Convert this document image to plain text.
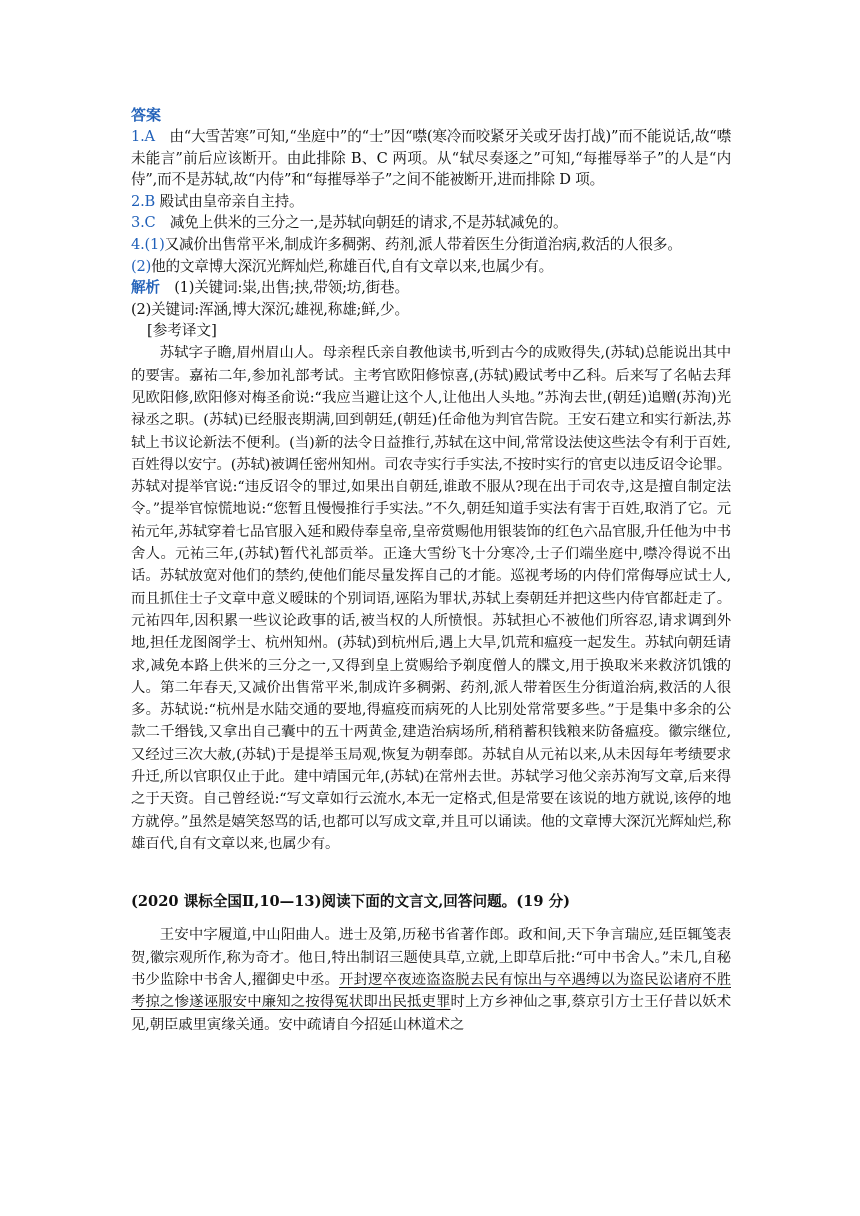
答案

1.A　由“大雪苦寒”可知,“坐庭中”的“士”因“噤(寒冷而咬紧牙关或牙齿打战)”而不能说话,故“噤未能言”前后应该断开。由此排除 B、C 两项。从“轼尽奏逐之”可知,“每摧辱举子”的人是“内侍”,而不是苏轼,故“内侍”和“每摧辱举子”之间不能被断开,进而排除 D 项。

2.B 殿试由皇帝亲自主持。

3.C　减免上供米的三分之一,是苏轼向朝廷的请求,不是苏轼减免的。

4.(1)又减价出售常平米,制成许多稠粥、药剂,派人带着医生分街道治病,救活的人很多。

(2)他的文章博大深沉光辉灿烂,称雄百代,自有文章以来,也属少有。

解析　(1)关键词:粜,出售;挟,带领;坊,街巷。

(2)关键词:浑涵,博大深沉;雄视,称雄;鲜,少。

[参考译文]

苏轼字子瞻,眉州眉山人。母亲程氏亲自教他读书,听到古今的成败得失,(苏轼)总能说出其中的要害。嘉祐二年,参加礼部考试。主考官欧阳修惊喜,(苏轼)殿试考中乙科。后来写了名帖去拜见欧阳修,欧阳修对梅圣俞说:“我应当避让这个人,让他出人头地。”苏洵去世,(朝廷)追赠(苏洵)光禄丞之职。(苏轼)已经服丧期满,回到朝廷,(朝廷)任命他为判官告院。王安石建立和实行新法,苏轼上书议论新法不便利。(当)新的法令日益推行,苏轼在这中间,常常设法使这些法令有利于百姓,百姓得以安宁。(苏轼)被调任密州知州。司农寺实行手实法,不按时实行的官吏以违反诏令论罪。苏轼对提举官说:“违反诏令的罪过,如果出自朝廷,谁敢不服从?现在出于司农寺,这是擅自制定法令。”提举官惊慌地说:“您暂且慢慢推行手实法。”不久,朝廷知道手实法有害于百姓,取消了它。元祐元年,苏轼穿着七品官服入延和殿侍奉皇帝,皇帝赏赐他用银装饰的红色六品官服,升任他为中书舍人。元祐三年,(苏轼)暂代礼部贡举。正逢大雪纷飞十分寒冷,士子们端坐庭中,噤冷得说不出话。苏轼放宽对他们的禁约,使他们能尽量发挥自己的才能。巡视考场的内侍们常侮辱应试士人,而且抓住士子文章中意义暧昧的个别词语,诬陷为罪状,苏轼上奏朝廷并把这些内侍官都赶走了。元祐四年,因积累一些议论政事的话,被当权的人所愤恨。苏轼担心不被他们所容忍,请求调到外地,担任龙图阁学士、杭州知州。(苏轼)到杭州后,遇上大旱,饥荒和瘟疫一起发生。苏轼向朝廷请求,减免本路上供米的三分之一,又得到皇上赏赐给予剃度僧人的牒文,用于换取米来救济饥饿的人。第二年春天,又减价出售常平米,制成许多稠粥、药剂,派人带着医生分街道治病,救活的人很多。苏轼说:“杭州是水陆交通的要地,得瘟疫而病死的人比别处常常要多些。”于是集中多余的公款二千缗钱,又拿出自己囊中的五十两黄金,建造治病场所,稍稍蓄积钱粮来防备瘟疫。徽宗继位,又经过三次大赦,(苏轼)于是提举玉局观,恢复为朝奉郎。苏轼自从元祐以来,从未因每年考绩要求升迁,所以官职仅止于此。建中靖国元年,(苏轼)在常州去世。苏轼学习他父亲苏洵写文章,后来得之于天资。自己曾经说:“写文章如行云流水,本无一定格式,但是常要在该说的地方就说,该停的地方就停。”虽然是嬉笑怒骂的话,也都可以写成文章,并且可以诵读。他的文章博大深沉光辉灿烂,称雄百代,自有文章以来,也属少有。

(2020 课标全国Ⅱ,10—13)阅读下面的文言文,回答问题。(19 分)

王安中字履道,中山阳曲人。进士及第,历秘书省著作郎。政和间,天下争言瑞应,廷臣辄笺表贺,徽宗观所作,称为奇才。他日,特出制诏三题使具草,立就,上即草后批:“可中书舍人。”未几,自秘书少监除中书舍人,擢御史中丞。开封逻卒夜迹盗盗脱去民有惊出与卒遇缚以为盗民讼诸府不胜考掠之惨遂诬服安中廉知之按得冤状即出民抵吏罪时上方乡神仙之事,蔡京引方士王仔昔以妖术见,朝臣戚里寅缘关通。安中疏请自今招延山林道术之
